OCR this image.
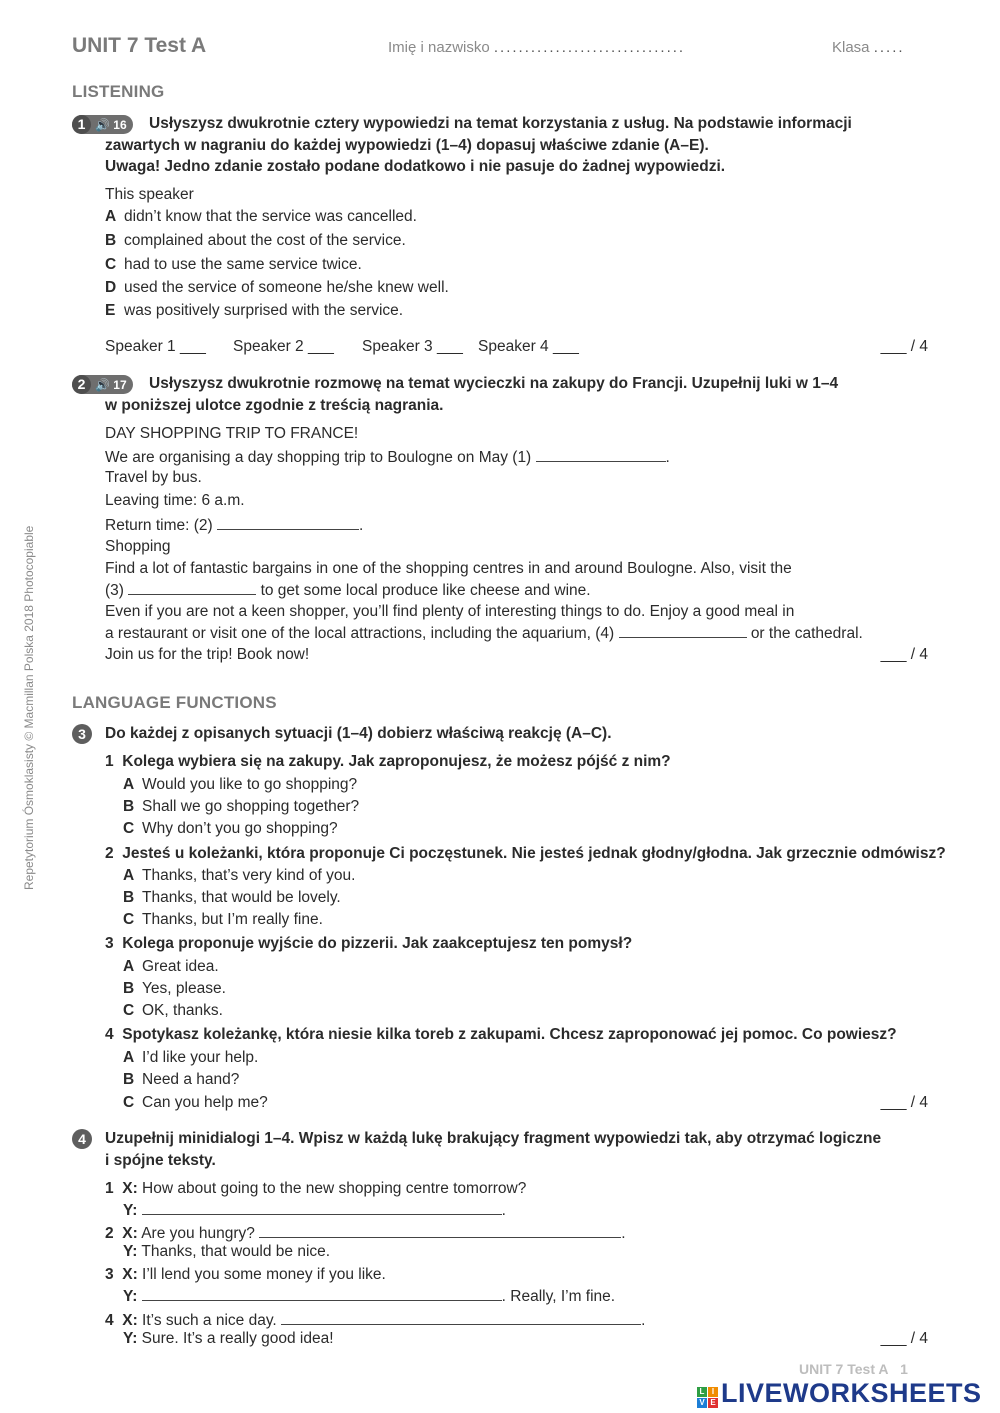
UNIT 7 Test A	Imię i nazwisko ...............................	Klasa .....
LISTENING
1 🔊 16	Usłyszysz dwukrotnie cztery wypowiedzi na temat korzystania z usług. Na podstawie informacji
zawartych w nagraniu do każdej wypowiedzi (1–4) dopasuj właściwe zdanie (A–E).
Uwaga! Jedno zdanie zostało podane dodatkowo i nie pasuje do żadnej wypowiedzi.
This speaker
A didn’t know that the service was cancelled.
B complained about the cost of the service.
C had to use the same service twice.
D used the service of someone he/she knew well.
E was positively surprised with the service.
Speaker 1 ___ Speaker 2 ___ Speaker 3 ___ Speaker 4 ___	___ / 4
2 🔊 17	Usłyszysz dwukrotnie rozmowę na temat wycieczki na zakupy do Francji. Uzupełnij luki w 1–4
w poniższej ulotce zgodnie z treścią nagrania.
DAY SHOPPING TRIP TO FRANCE!
We are organising a day shopping trip to Boulogne on May (1)	.
Travel by bus.
Leaving time: 6 a.m.
Return time: (2)	.
Shopping
Find a lot of fantastic bargains in one of the shopping centres in and around Boulogne. Also, visit the
(3)	to get some local produce like cheese and wine.
Even if you are not a keen shopper, you’ll find plenty of interesting things to do. Enjoy a good meal in
a restaurant or visit one of the local attractions, including the aquarium, (4)	or the cathedral.
Join us for the trip! Book now!	___ / 4
LANGUAGE FUNCTIONS
3	Do każdej z opisanych sytuacji (1–4) dobierz właściwą reakcję (A–C).
1 Kolega wybiera się na zakupy. Jak zaproponujesz, że możesz pójść z nim?
A Would you like to go shopping?
B Shall we go shopping together?
C Why don’t you go shopping?
2 Jesteś u koleżanki, która proponuje Ci poczęstunek. Nie jesteś jednak głodny/głodna. Jak grzecznie odmówisz?
A Thanks, that’s very kind of you.
B Thanks, that would be lovely.
C Thanks, but I’m really fine.
3 Kolega proponuje wyjście do pizzerii. Jak zaakceptujesz ten pomysł?
A Great idea.
B Yes, please.
C OK, thanks.
4 Spotykasz koleżankę, która niesie kilka toreb z zakupami. Chcesz zaproponować jej pomoc. Co powiesz?
A I’d like your help.
B Need a hand?
C Can you help me?	___ / 4
4	Uzupełnij minidialogi 1–4. Wpisz w każdą lukę brakujący fragment wypowiedzi tak, aby otrzymać logiczne
i spójne teksty.
1  X: How about going to the new shopping centre tomorrow?
Y:	.
2  X: Are you hungry?	.
Y: Thanks, that would be nice.
3  X: I’ll lend you some money if you like.
Y:	. Really, I’m fine.
4  X: It’s such a nice day.	.
Y: Sure. It’s a really good idea!	___ / 4
Repetytorium Ósmoklasisty © Macmillan Polska 2018 Photocopiable
UNIT 7 Test A 1
L I
V E LIVEWORKSHEETS
